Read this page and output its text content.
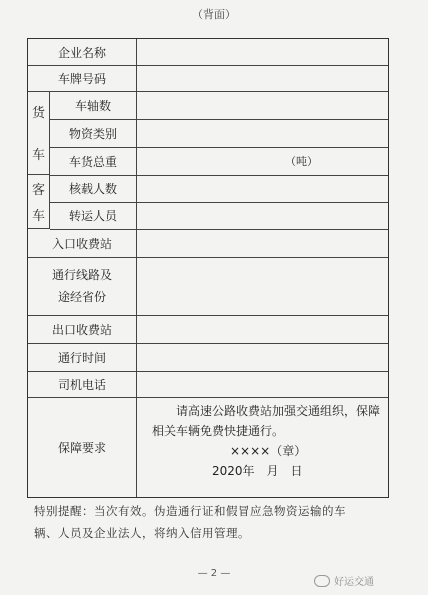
（背面）
企业名称
车牌号码
货
车
车轴数
物资类别
车货总重	（吨）
客
车
核载人数
转运人员
入口收费站
通行线路及
途经省份
出口收费站
通行时间
司机电话
保障要求
请高速公路收费站加强交通组织，保障
相关车辆免费快捷通行。
××××（章）
2020年　月　日
特别提醒：当次有效。伪造通行证和假冒应急物资运输的车
辆、人员及企业法人，将纳入信用管理。
— 2 —
好运交通
